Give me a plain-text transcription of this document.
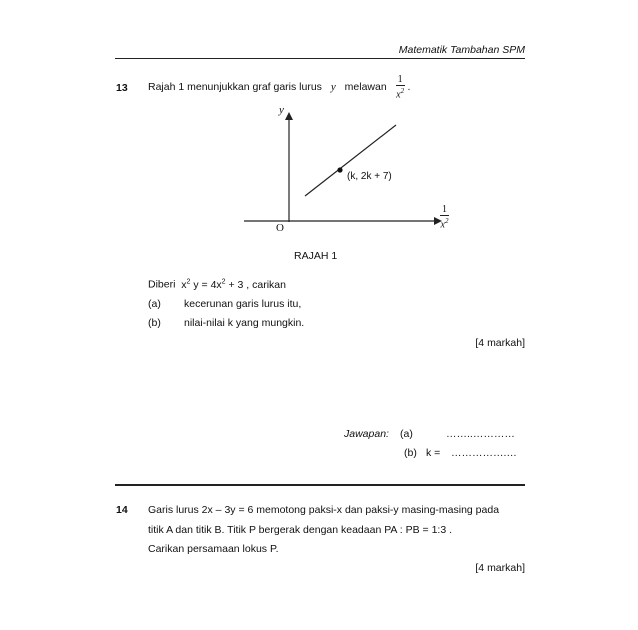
Matematik Tambahan SPM
13 Rajah 1 menunjukkan graf garis lurus y melawan $\frac{1}{x^2}$ .
y
O
(k, 2k + 7)
$\frac{1}{x^2}$
RAJAH 1
Diberi $x^2$ $y = 4x^2 + 3$ , carikan
(a) kecerunan garis lurus itu,
(b) nilai-nilai k yang mungkin.
[4 markah]
Jawapan: (a)	……..…………
(b) k = …………….…
14 Garis lurus 2x – 3y = 6 memotong paksi-x dan paksi-y masing-masing pada
titik A dan titik B. Titik P bergerak dengan keadaan PA : PB = 1:3 .
Carikan persamaan lokus P.
[4 markah]
